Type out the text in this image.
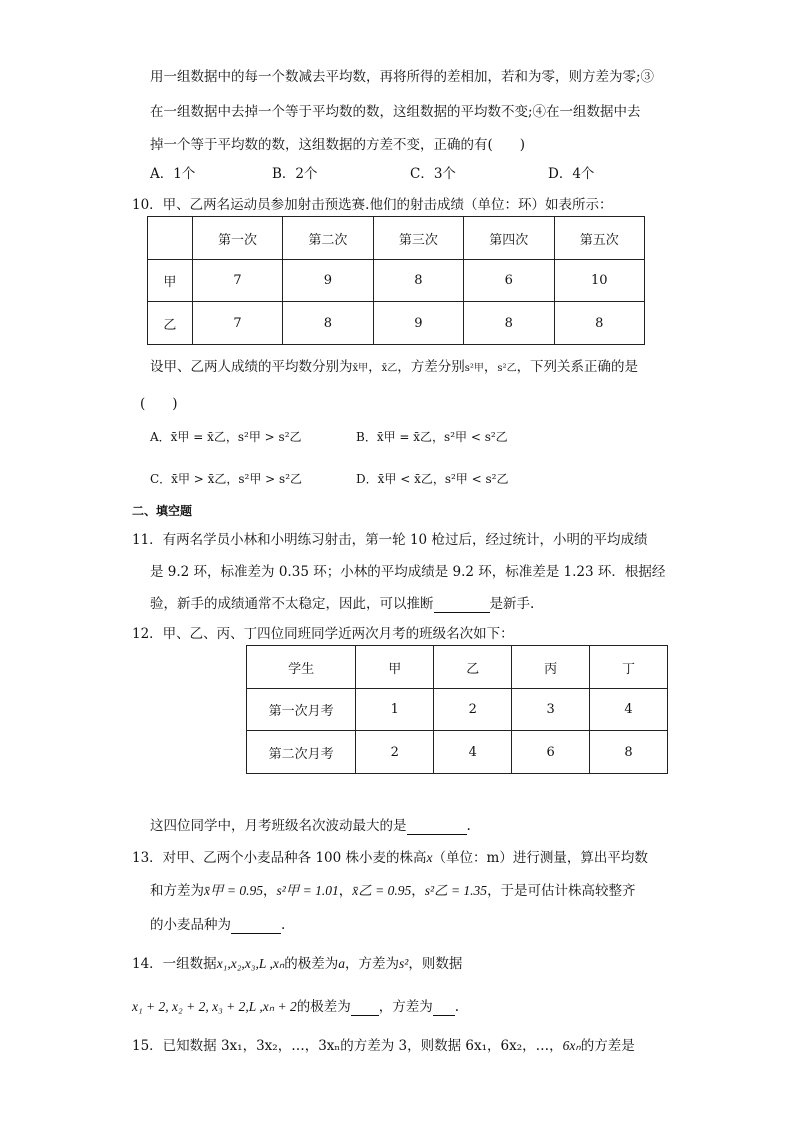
用一组数据中的每一个数减去平均数，再将所得的差相加，若和为零，则方差为零;③
在一组数据中去掉一个等于平均数的数，这组数据的平均数不变;④在一组数据中去
掉一个等于平均数的数，这组数据的方差不变，正确的有(　　)
A．1个	B．2个	C．3个	D．4个
10．甲、乙两名运动员参加射击预选赛.他们的射击成绩（单位：环）如表所示：
	第一次	第二次	第三次	第四次	第五次
甲	7	9	8	6	10
乙	7	8	9	8	8
设甲、乙两人成绩的平均数分别为x̄甲，x̄乙，方差分别s²甲，s²乙，下列关系正确的是
(　　)
A．x̄甲 = x̄乙，s²甲 > s²乙	B．x̄甲 = x̄乙，s²甲 < s²乙
C．x̄甲 > x̄乙，s²甲 > s²乙	D．x̄甲 < x̄乙，s²甲 < s²乙
二、填空题
11．有两名学员小林和小明练习射击，第一轮 10 枪过后，经过统计，小明的平均成绩
是 9.2 环，标准差为 0.35 环；小林的平均成绩是 9.2 环，标准差是 1.23 环．根据经
验，新手的成绩通常不太稳定，因此，可以推断	是新手.
12．甲、乙、丙、丁四位同班同学近两次月考的班级名次如下：
学生	甲	乙	丙	丁
第一次月考	1	2	3	4
第二次月考	2	4	6	8
这四位同学中，月考班级名次波动最大的是	.
13．对甲、乙两个小麦品种各 100 株小麦的株高x（单位：m）进行测量，算出平均数
和方差为x̄甲 = 0.95，s²甲 = 1.01，x̄乙 = 0.95，s²乙 = 1.35，于是可估计株高较整齐
的小麦品种为	.
14．一组数据x₁,x₂,x₃,L ,xₙ的极差为a，方差为s²，则数据
x₁ + 2, x₂ + 2, x₃ + 2,L ,xₙ + 2的极差为 ，方差为 .
15．已知数据 3x₁，3x₂，…，3xₙ的方差为 3，则数据 6x₁，6x₂，…，6xₙ的方差是
